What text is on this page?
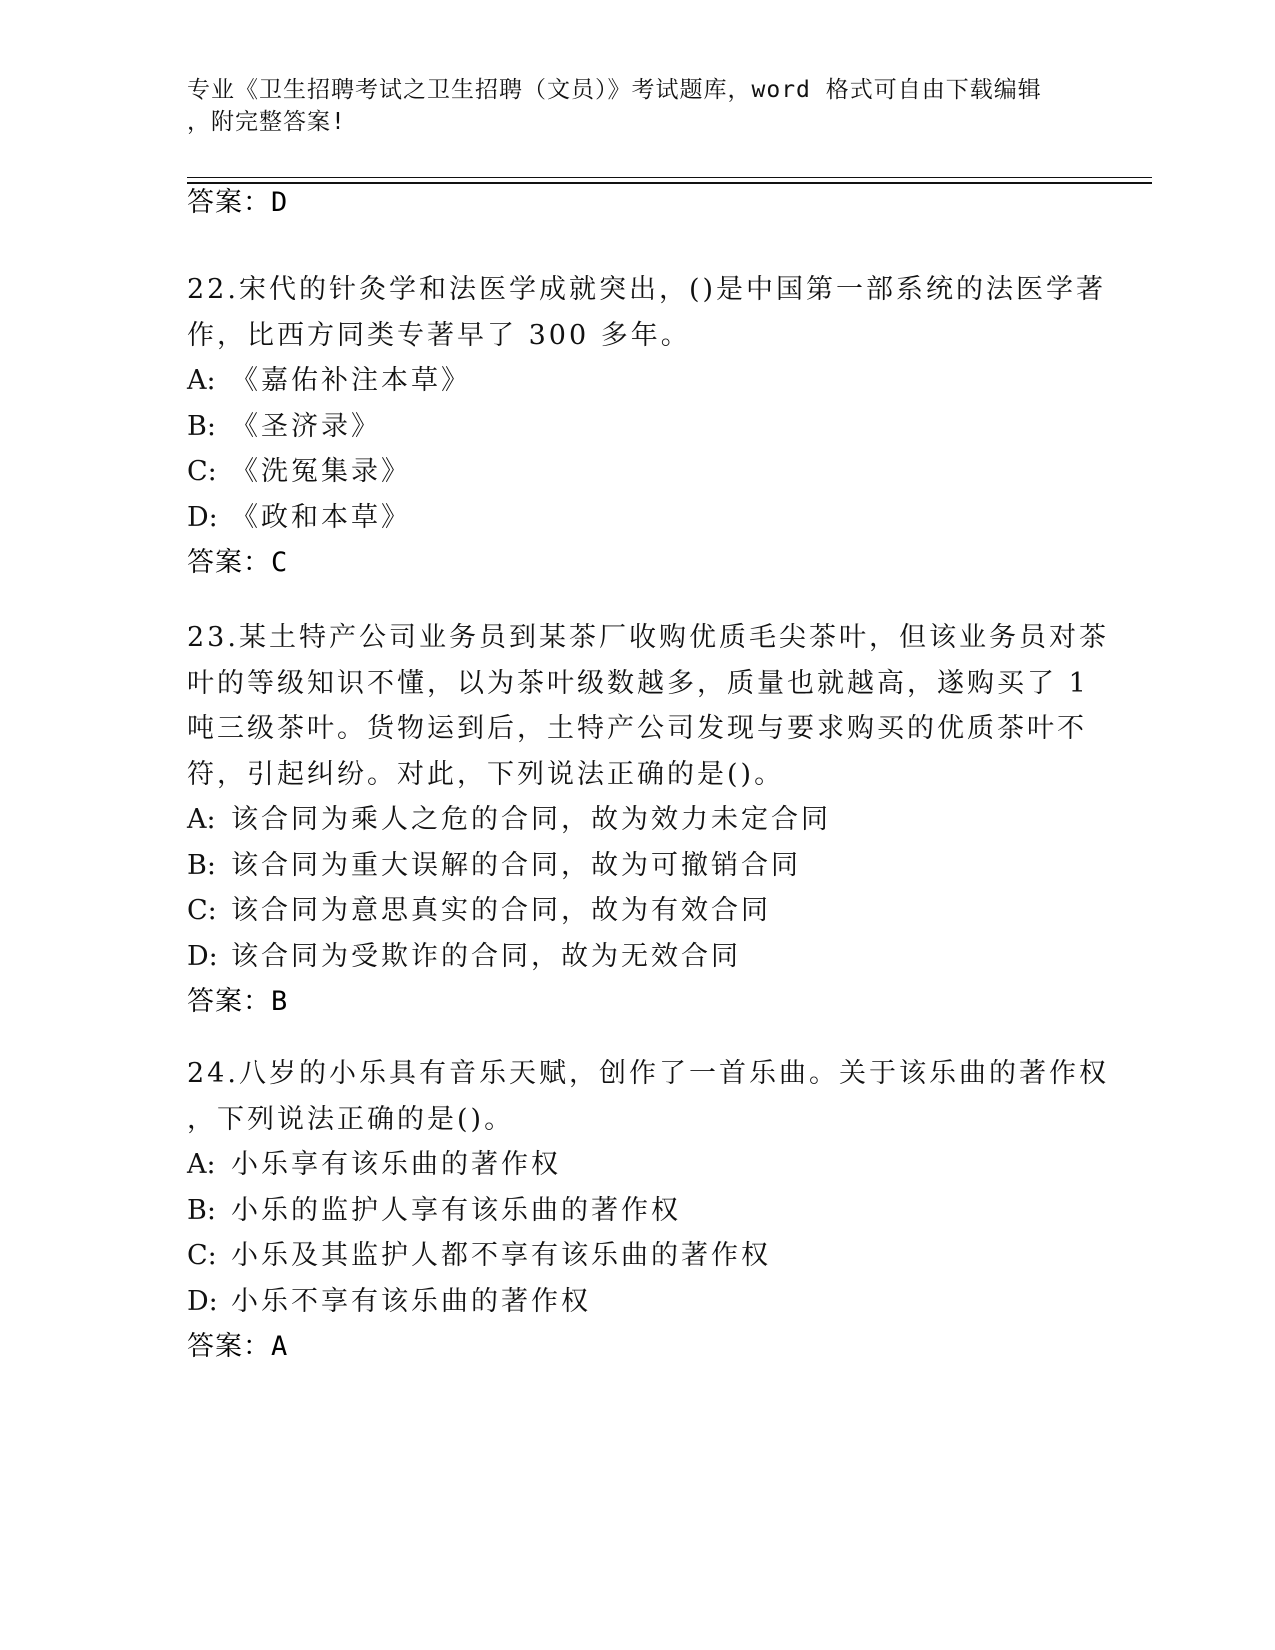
专业《卫生招聘考试之卫生招聘（文员）》考试题库，word 格式可自由下载编辑
，附完整答案!
答案：D
22.宋代的针灸学和法医学成就突出，()是中国第一部系统的法医学著
作，比西方同类专著早了 300 多年。
A: 《嘉佑补注本草》
B: 《圣济录》
C: 《洗冤集录》
D: 《政和本草》
答案：C
23.某土特产公司业务员到某茶厂收购优质毛尖茶叶，但该业务员对茶
叶的等级知识不懂，以为茶叶级数越多，质量也就越高，遂购买了 1
吨三级茶叶。货物运到后，土特产公司发现与要求购买的优质茶叶不
符，引起纠纷。对此，下列说法正确的是()。
A: 该合同为乘人之危的合同，故为效力未定合同
B: 该合同为重大误解的合同，故为可撤销合同
C: 该合同为意思真实的合同，故为有效合同
D: 该合同为受欺诈的合同，故为无效合同
答案：B
24.八岁的小乐具有音乐天赋，创作了一首乐曲。关于该乐曲的著作权
，下列说法正确的是()。
A: 小乐享有该乐曲的著作权
B: 小乐的监护人享有该乐曲的著作权
C: 小乐及其监护人都不享有该乐曲的著作权
D: 小乐不享有该乐曲的著作权
答案：A
